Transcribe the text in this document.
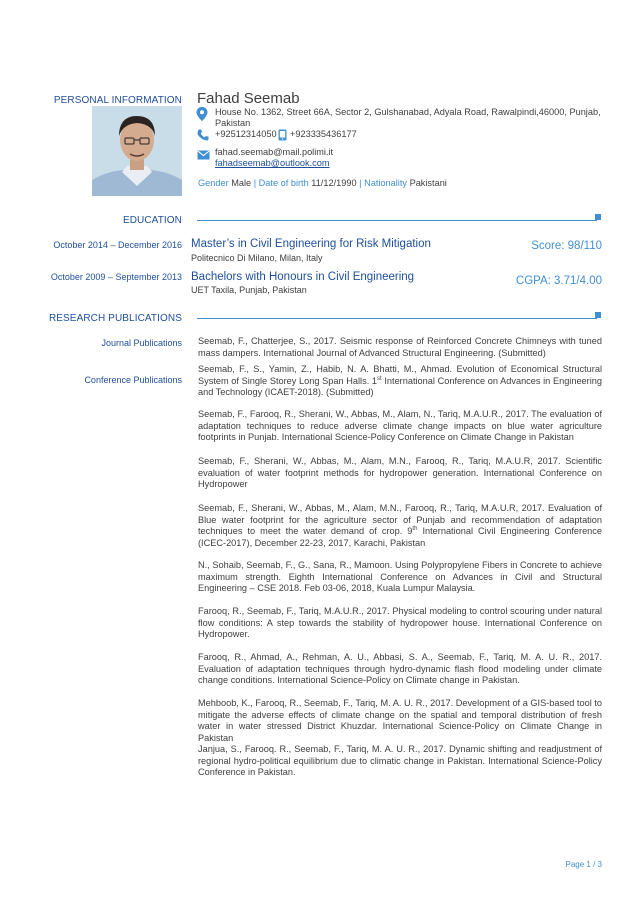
PERSONAL INFORMATION Fahad Seemab
House No. 1362, Street 66A, Sector 2, Gulshanabad, Adyala Road, Rawalpindi,46000, Punjab,
Pakistan
+92512314050 +923335436177
fahad.seemab@mail.polimi.it
fahadseemab@outlook.com
Gender Male | Date of birth 11/12/1990 | Nationality Pakistani
EDUCATION
October 2014 – December 2016 Master’s in Civil Engineering for Risk Mitigation
Politecnico Di Milano, Milan, Italy
Score: 98/110
October 2009 – September 2013 Bachelors with Honours in Civil Engineering
UET Taxila, Punjab, Pakistan
CGPA: 3.71/4.00
RESEARCH PUBLICATIONS
Journal Publications Seemab, F., Chatterjee, S., 2017. Seismic response of Reinforced Concrete Chimneys with tuned mass dampers. International Journal of Advanced Structural Engineering. (Submitted)
Conference Publications
Seemab, F., S., Yamin, Z., Habib, N. A. Bhatti, M., Ahmad. Evolution of Economical Structural System of Single Storey Long Span Halls. 1st International Conference on Advances in Engineering and Technology (ICAET-2018). (Submitted)
Seemab, F., Farooq, R., Sherani, W., Abbas, M., Alam, N., Tariq, M.A.U.R., 2017. The evaluation of adaptation techniques to reduce adverse climate change impacts on blue water agriculture footprints in Punjab. International Science-Policy Conference on Climate Change in Pakistan
Seemab, F., Sherani, W., Abbas, M., Alam, M.N., Farooq, R., Tariq, M.A.U.R, 2017. Scientific evaluation of water footprint methods for hydropower generation. International Conference on Hydropower
Seemab, F., Sherani, W., Abbas, M., Alam, M.N., Farooq, R., Tariq, M.A.U.R, 2017. Evaluation of Blue water footprint for the agriculture sector of Punjab and recommendation of adaptation techniques to meet the water demand of crop. 9th International Civil Engineering Conference (ICEC-2017), December 22-23, 2017, Karachi, Pakistan
N., Sohaib, Seemab, F., G., Sana, R., Mamoon. Using Polypropylene Fibers in Concrete to achieve maximum strength. Eighth International Conference on Advances in Civil and Structural Engineering – CSE 2018. Feb 03-06, 2018, Kuala Lumpur Malaysia.
Farooq, R., Seemab, F., Tariq, M.A.U.R., 2017. Physical modeling to control scouring under natural flow conditions: A step towards the stability of hydropower house. International Conference on Hydropower.
Farooq, R., Ahmad, A., Rehman, A. U., Abbasi, S. A., Seemab, F., Tariq, M. A. U. R., 2017. Evaluation of adaptation techniques through hydro-dynamic flash flood modeling under climate change conditions. International Science-Policy on Climate change in Pakistan.
Mehboob, K., Farooq, R., Seemab, F., Tariq, M. A. U. R., 2017. Development of a GIS-based tool to mitigate the adverse effects of climate change on the spatial and temporal distribution of fresh water in water stressed District Khuzdar. International Science-Policy on Climate Change in Pakistan
Janjua, S., Farooq. R., Seemab, F., Tariq, M. A. U. R., 2017. Dynamic shifting and readjustment of regional hydro-political equilibrium due to climatic change in Pakistan. International Science-Policy Conference in Pakistan.
Page 1 / 3
